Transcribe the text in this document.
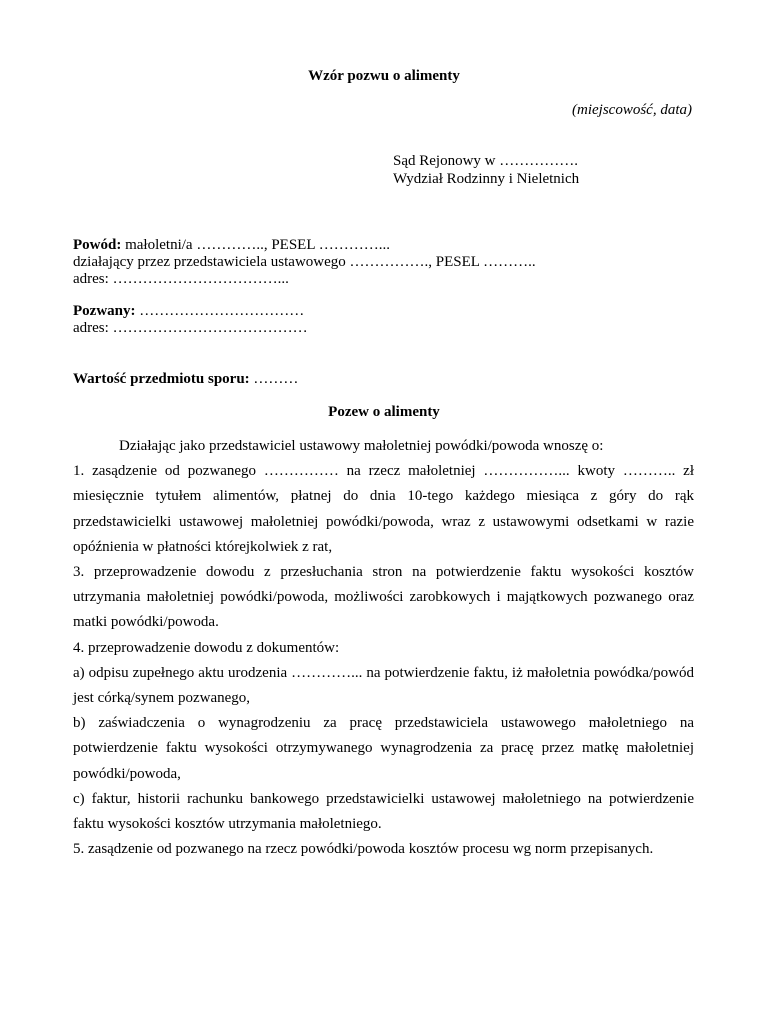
Wzór pozwu o alimenty
(miejscowość, data)
Sąd Rejonowy w …………….
Wydział Rodzinny i Nieletnich
Powód: małoletni/a ………….., PESEL …………...
działający przez przedstawiciela ustawowego ……………., PESEL ………..
adres: ……………………………...
Pozwany: ……………………………
adres: …………………………………
Wartość przedmiotu sporu: ………
Pozew o alimenty

Działając jako przedstawiciel ustawowy małoletniej powódki/powoda wnoszę o:

1. zasądzenie od pozwanego …………… na rzecz małoletniej ……………... kwoty ……….. zł miesięcznie tytułem alimentów, płatnej do dnia 10-tego każdego miesiąca z góry do rąk przedstawicielki ustawowej małoletniej powódki/powoda, wraz z ustawowymi odsetkami w razie opóźnienia w płatności którejkolwiek z rat,

3. przeprowadzenie dowodu z przesłuchania stron na potwierdzenie faktu wysokości kosztów utrzymania małoletniej powódki/powoda, możliwości zarobkowych i majątkowych pozwanego oraz matki powódki/powoda.

4. przeprowadzenie dowodu z dokumentów:

a) odpisu zupełnego aktu urodzenia …………... na potwierdzenie faktu, iż małoletnia powódka/powód jest córką/synem pozwanego,

b) zaświadczenia o wynagrodzeniu za pracę przedstawiciela ustawowego małoletniego na potwierdzenie faktu wysokości otrzymywanego wynagrodzenia za pracę przez matkę małoletniej powódki/powoda,

c) faktur, historii rachunku bankowego przedstawicielki ustawowej małoletniego na potwierdzenie faktu wysokości kosztów utrzymania małoletniego.

5. zasądzenie od pozwanego na rzecz powódki/powoda kosztów procesu wg norm przepisanych.
